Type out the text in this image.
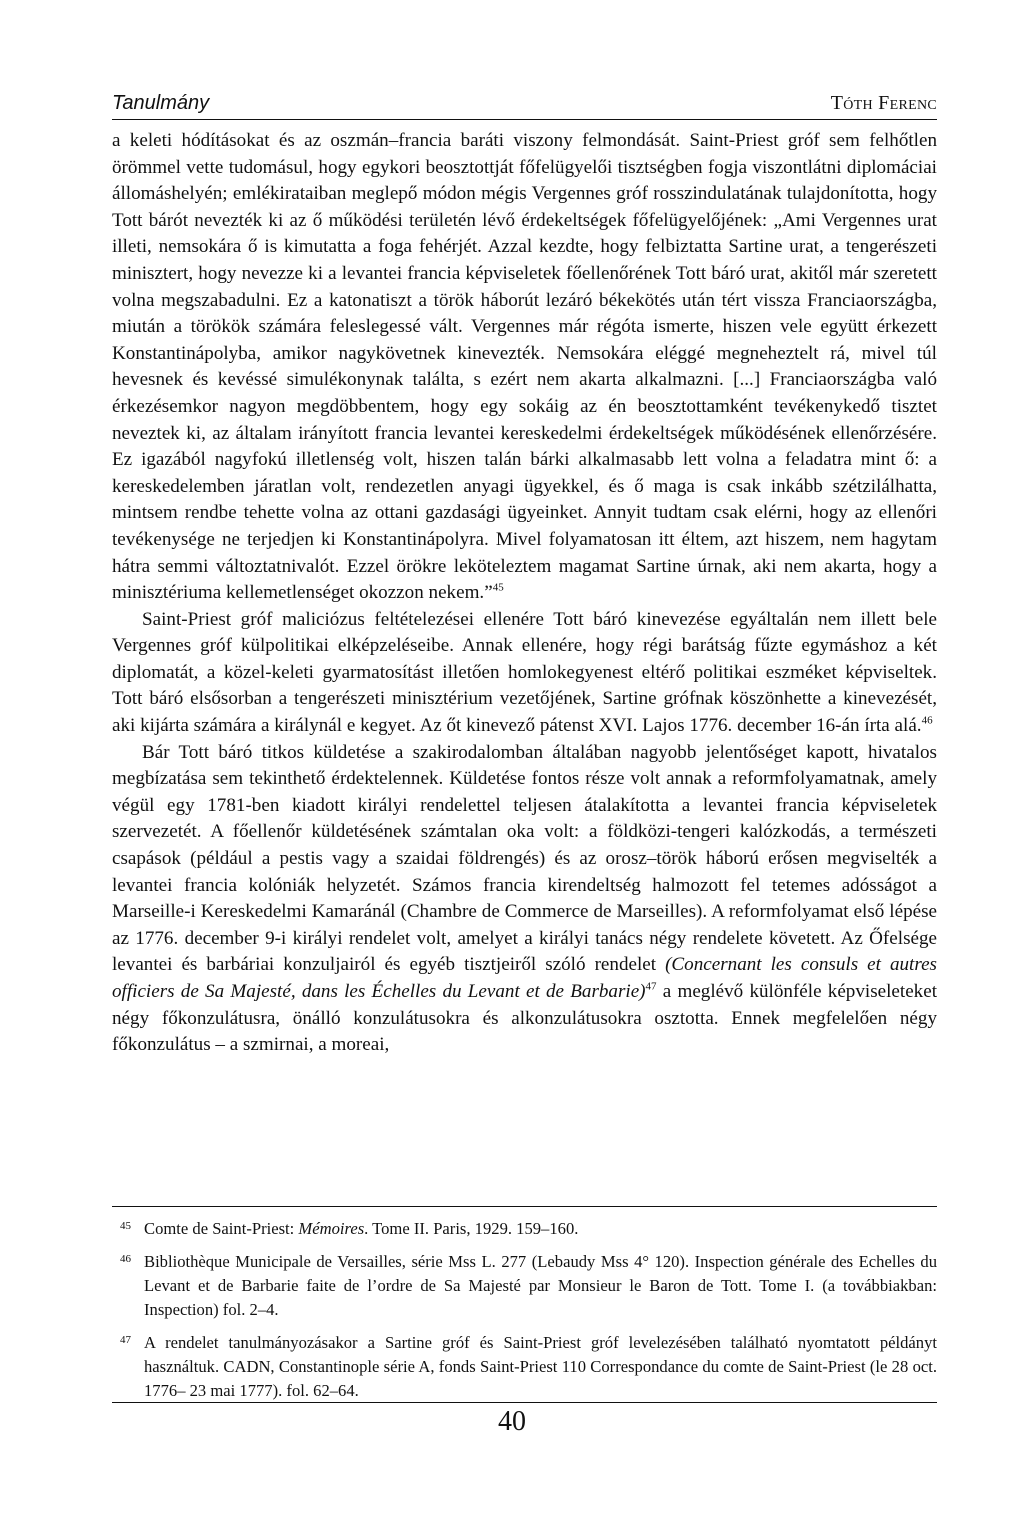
Tanulmány	Tóth Ferenc

a keleti hódításokat és az oszmán–francia baráti viszony felmondását. Saint-Priest gróf sem felhőtlen örömmel vette tudomásul, hogy egykori beosztottját főfelügyelői tisztségben fogja viszontlátni diplomáciai állomáshelyén; emlékirataiban meglepő módon mégis Vergennes gróf rosszindulatának tulajdonította, hogy Tott bárót nevezték ki az ő működési területén lévő érdekeltségek főfelügyelőjének: „Ami Vergennes urat illeti, nemsokára ő is kimutatta a foga fehérjét. Azzal kezdte, hogy felbiztatta Sartine urat, a tengerészeti minisztert, hogy nevezze ki a levantei francia képviseletek főellenőrének Tott báró urat, akitől már szeretett volna megszabadulni. Ez a katonatiszt a török háborút lezáró békekötés után tért vissza Franciaországba, miután a törökök számára feleslegessé vált. Vergennes már régóta ismerte, hiszen vele együtt érkezett Konstantinápolyba, amikor nagykövetnek kinevezték. Nemsokára eléggé megneheztelt rá, mivel túl hevesnek és kevéssé simulékonynak találta, s ezért nem akarta alkalmazni. [...] Franciaországba való érkezésemkor nagyon megdöbbentem, hogy egy sokáig az én beosztottamként tevékenykedő tisztet neveztek ki, az általam irányított francia levantei kereskedelmi érdekeltségek működésének ellenőrzésére. Ez igazából nagyfokú illetlenség volt, hiszen talán bárki alkalmasabb lett volna a feladatra mint ő: a kereskedelemben járatlan volt, rendezetlen anyagi ügyekkel, és ő maga is csak inkább szétzilálhatta, mintsem rendbe tehette volna az ottani gazdasági ügyeinket. Annyit tudtam csak elérni, hogy az ellenőri tevékenysége ne terjedjen ki Konstantinápolyra. Mivel folyamatosan itt éltem, azt hiszem, nem hagytam hátra semmi változtatnivalót. Ezzel örökre leköteleztem magamat Sartine úrnak, aki nem akarta, hogy a minisztériuma kellemetlenséget okozzon nekem.”$^{45}$

Saint-Priest gróf maliciózus feltételezései ellenére Tott báró kinevezése egyáltalán nem illett bele Vergennes gróf külpolitikai elképzeléseibe. Annak ellenére, hogy régi barátság fűzte egymáshoz a két diplomatát, a közel-keleti gyarmatosítást illetően homlokegyenest eltérő politikai eszméket képviseltek. Tott báró elsősorban a tengerészeti minisztérium vezetőjének, Sartine grófnak köszönhette a kinevezését, aki kijárta számára a királynál e kegyet. Az őt kinevező pátenst XVI. Lajos 1776. december 16-án írta alá.$^{46}$

Bár Tott báró titkos küldetése a szakirodalomban általában nagyobb jelentőséget kapott, hivatalos megbízatása sem tekinthető érdektelennek. Küldetése fontos része volt annak a reformfolyamatnak, amely végül egy 1781-ben kiadott királyi rendelettel teljesen átalakította a levantei francia képviseletek szervezetét. A főellenőr küldetésének számtalan oka volt: a földközi-tengeri kalózkodás, a természeti csapások (például a pestis vagy a szaidai földrengés) és az orosz–török háború erősen megviselték a levantei francia kolóniák helyzetét. Számos francia kirendeltség halmozott fel tetemes adósságot a Marseille-i Kereskedelmi Kamaránál (Chambre de Commerce de Marseilles). A reformfolyamat első lépése az 1776. december 9-i királyi rendelet volt, amelyet a királyi tanács négy rendelete követett. Az Őfelsége levantei és barbáriai konzuljairól és egyéb tisztjeiről szóló rendelet (Concernant les consuls et autres officiers de Sa Majesté, dans les Échelles du Levant et de Barbarie)$^{47}$ a meglévő különféle képviseleteket négy főkonzulátusra, önálló konzulátusokra és alkonzulátusokra osztotta. Ennek megfelelően négy főkonzulátus – a szmirnai, a moreai,

45 Comte de Saint-Priest: Mémoires. Tome II. Paris, 1929. 159–160.
46 Bibliothèque Municipale de Versailles, série Mss L. 277 (Lebaudy Mss 4° 120). Inspection générale des Echelles du Levant et de Barbarie faite de l’ordre de Sa Majesté par Monsieur le Baron de Tott. Tome I. (a továbbiakban: Inspection) fol. 2–4.
47 A rendelet tanulmányozásakor a Sartine gróf és Saint-Priest gróf levelezésében található nyomtatott példányt használtuk. CADN, Constantinople série A, fonds Saint-Priest 110 Correspondance du comte de Saint-Priest (le 28 oct. 1776– 23 mai 1777). fol. 62–64.
40
